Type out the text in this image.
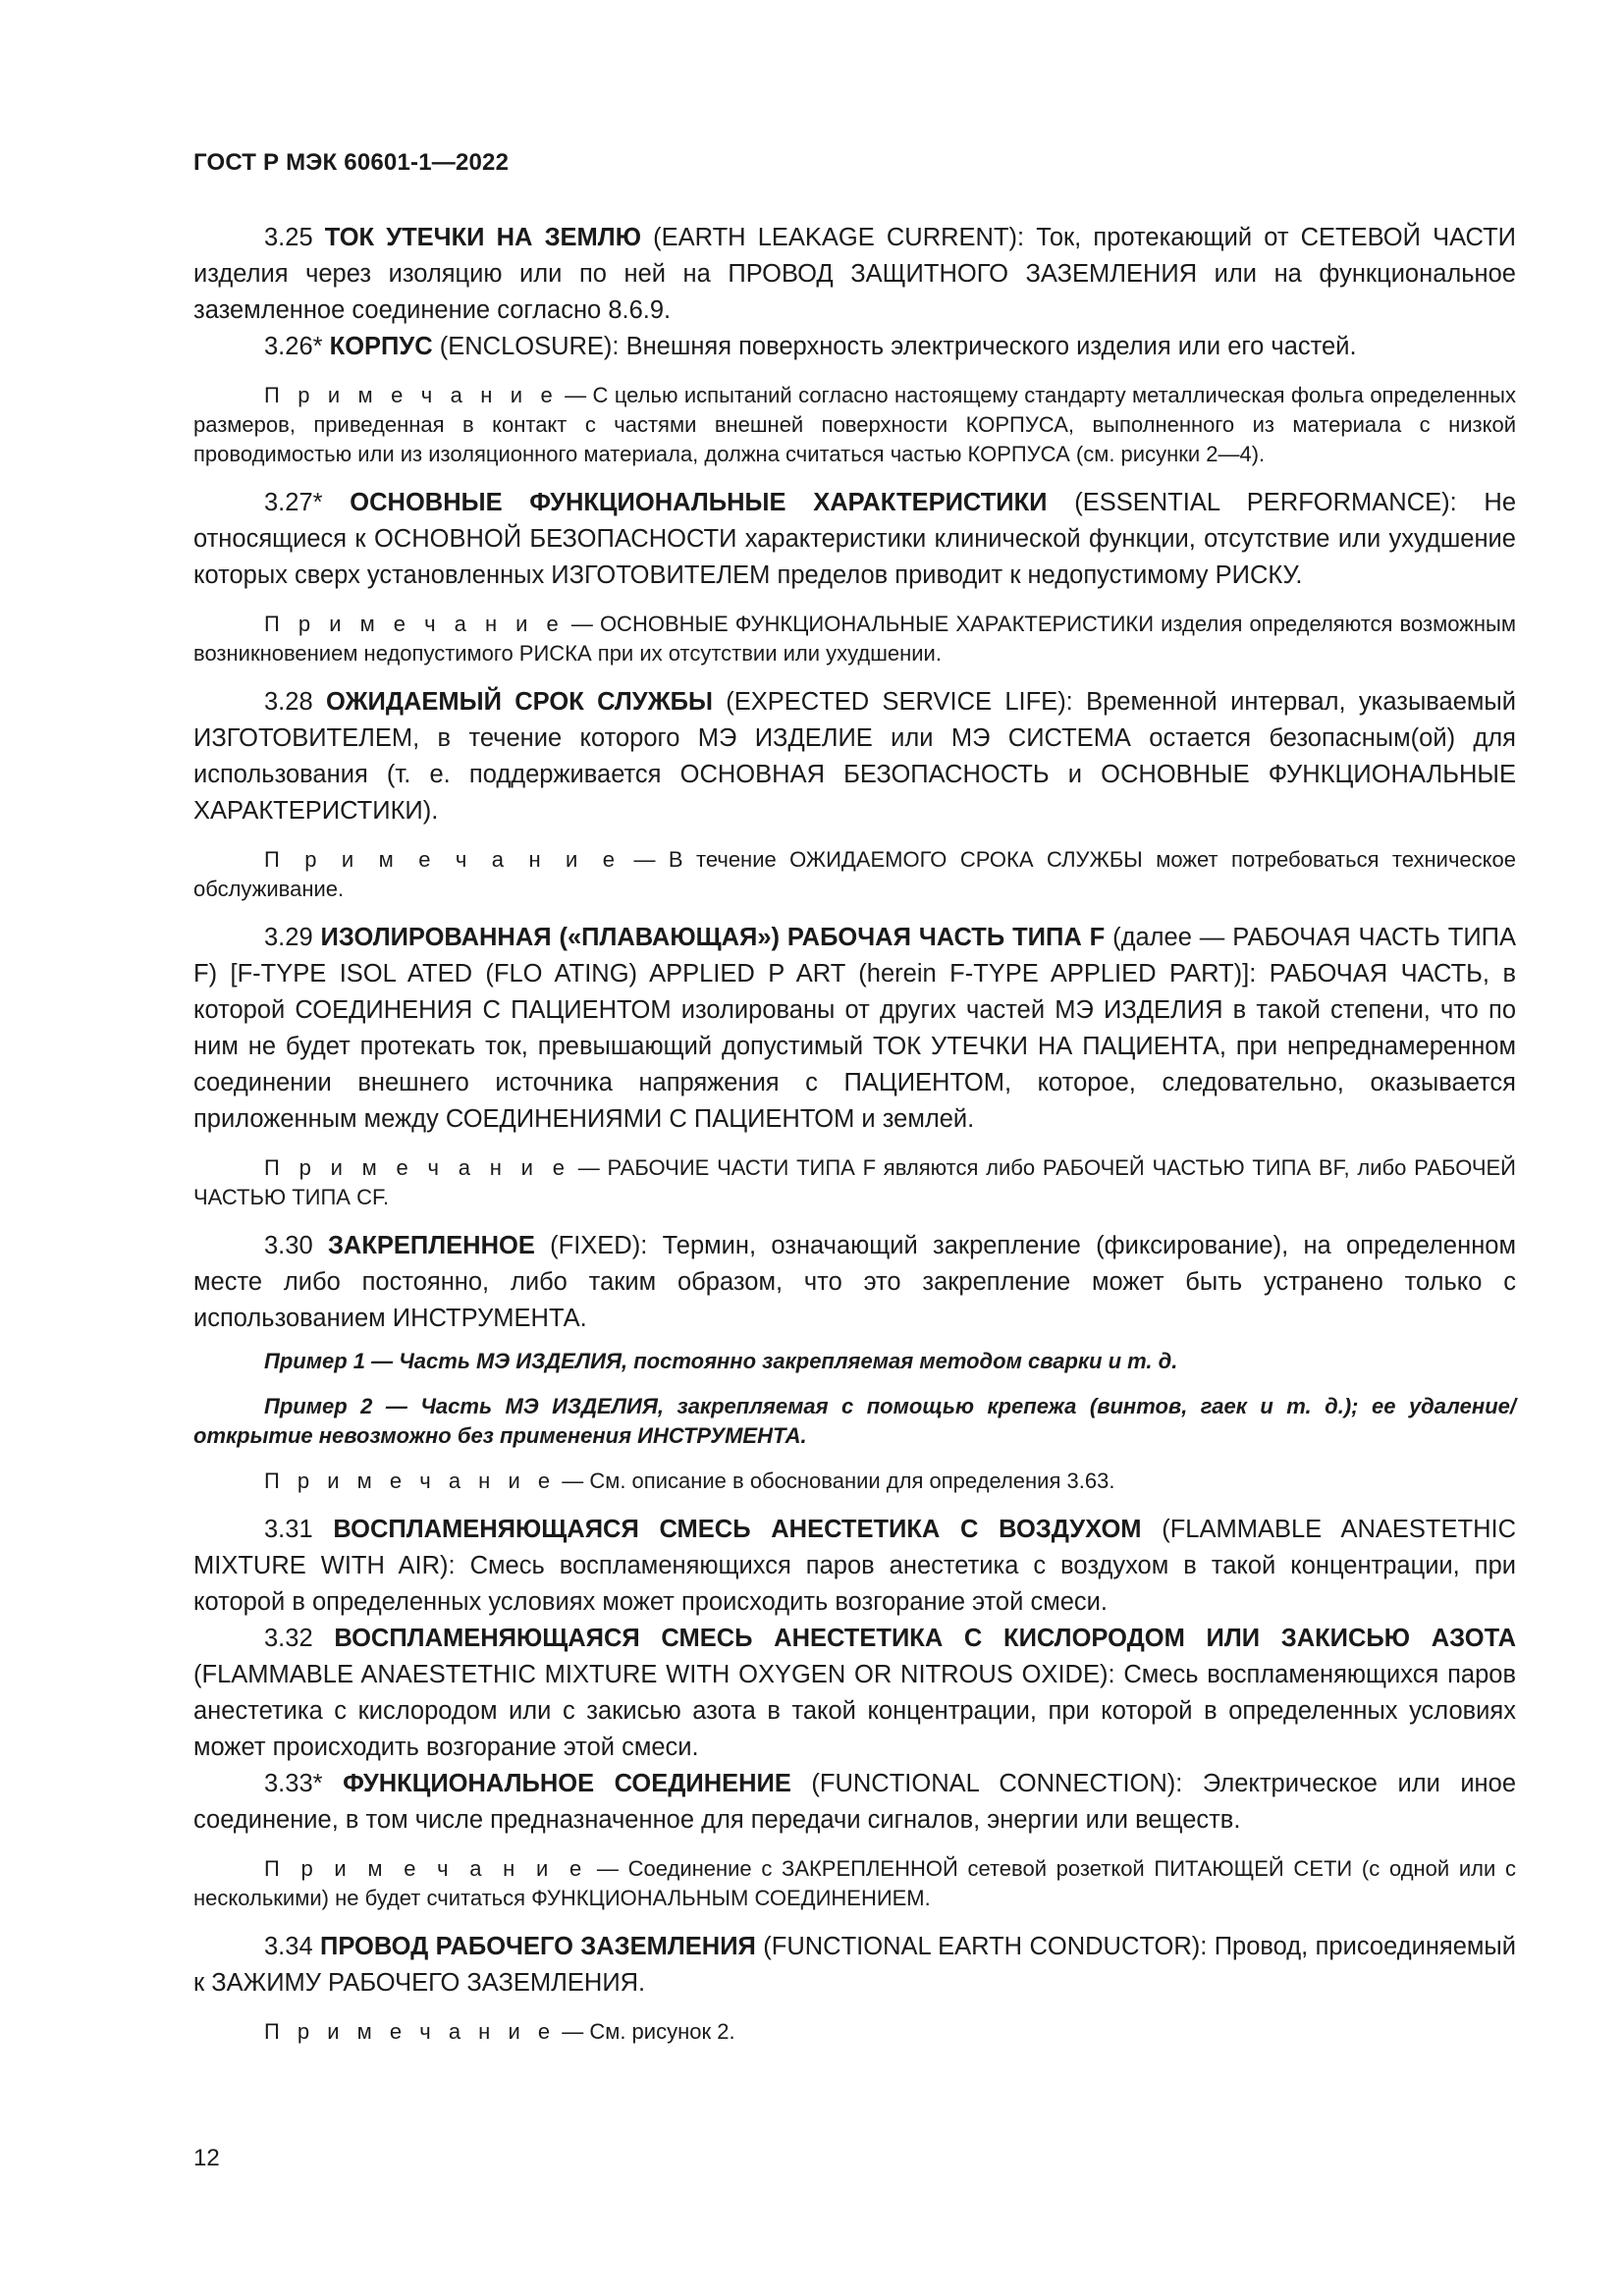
ГОСТ Р МЭК 60601-1—2022

3.25 ТОК УТЕЧКИ НА ЗЕМЛЮ (EARTH LEAKAGE CURRENT): Ток, протекающий от СЕТЕВОЙ ЧАСТИ изделия через изоляцию или по ней на ПРОВОД ЗАЩИТНОГО ЗАЗЕМЛЕНИЯ или на функциональное заземленное соединение согласно 8.6.9.

3.26* КОРПУС (ENCLOSURE): Внешняя поверхность электрического изделия или его частей.

П р и м е ч а н и е — С целью испытаний согласно настоящему стандарту металлическая фольга определенных размеров, приведенная в контакт с частями внешней поверхности КОРПУСА, выполненного из материала с низкой проводимостью или из изоляционного материала, должна считаться частью КОРПУСА (см. рисунки 2—4).

3.27* ОСНОВНЫЕ ФУНКЦИОНАЛЬНЫЕ ХАРАКТЕРИСТИКИ (ESSENTIAL PERFORMANCE): Не относящиеся к ОСНОВНОЙ БЕЗОПАСНОСТИ характеристики клинической функции, отсутствие или ухудшение которых сверх установленных ИЗГОТОВИТЕЛЕМ пределов приводит к недопустимому РИСКУ.

П р и м е ч а н и е — ОСНОВНЫЕ ФУНКЦИОНАЛЬНЫЕ ХАРАКТЕРИСТИКИ изделия определяются возможным возникновением недопустимого РИСКА при их отсутствии или ухудшении.

3.28 ОЖИДАЕМЫЙ СРОК СЛУЖБЫ (EXPECTED SERVICE LIFE): Временной интервал, указываемый ИЗГОТОВИТЕЛЕМ, в течение которого МЭ ИЗДЕЛИЕ или МЭ СИСТЕМА остается безопасным(ой) для использования (т. е. поддерживается ОСНОВНАЯ БЕЗОПАСНОСТЬ и ОСНОВНЫЕ ФУНКЦИОНАЛЬНЫЕ ХАРАКТЕРИСТИКИ).

П р и м е ч а н и е — В течение ОЖИДАЕМОГО СРОКА СЛУЖБЫ может потребоваться техническое обслуживание.

3.29 ИЗОЛИРОВАННАЯ («ПЛАВАЮЩАЯ») РАБОЧАЯ ЧАСТЬ ТИПА F (далее — РАБОЧАЯ ЧАСТЬ ТИПА F) [F-TYPE ISOL ATED (FLO ATING) APPLIED P ART (herein F-TYPE APPLIED PART)]: РАБОЧАЯ ЧАСТЬ, в которой СОЕДИНЕНИЯ С ПАЦИЕНТОМ изолированы от других частей МЭ ИЗДЕЛИЯ в такой степени, что по ним не будет протекать ток, превышающий допустимый ТОК УТЕЧКИ НА ПАЦИЕНТА, при непреднамеренном соединении внешнего источника напряжения с ПАЦИЕНТОМ, которое, следовательно, оказывается приложенным между СОЕДИНЕНИЯМИ С ПАЦИЕНТОМ и землей.

П р и м е ч а н и е — РАБОЧИЕ ЧАСТИ ТИПА F являются либо РАБОЧЕЙ ЧАСТЬЮ ТИПА BF, либо РАБОЧЕЙ ЧАСТЬЮ ТИПА CF.

3.30 ЗАКРЕПЛЕННОЕ (FIXED): Термин, означающий закрепление (фиксирование), на определенном месте либо постоянно, либо таким образом, что это закрепление может быть устранено только с использованием ИНСТРУМЕНТА.

Пример 1 — Часть МЭ ИЗДЕЛИЯ, постоянно закрепляемая методом сварки и т. д.

Пример 2 — Часть МЭ ИЗДЕЛИЯ, закрепляемая с помощью крепежа (винтов, гаек и т. д.); ее удаление/открытие невозможно без применения ИНСТРУМЕНТА.

П р и м е ч а н и е — См. описание в обосновании для определения 3.63.

3.31 ВОСПЛАМЕНЯЮЩАЯСЯ СМЕСЬ АНЕСТЕТИКА С ВОЗДУХОМ (FLAMMABLE ANAESTETHIC MIXTURE WITH AIR): Смесь воспламеняющихся паров анестетика с воздухом в такой концентрации, при которой в определенных условиях может происходить возгорание этой смеси.

3.32 ВОСПЛАМЕНЯЮЩАЯСЯ СМЕСЬ АНЕСТЕТИКА С КИСЛОРОДОМ ИЛИ ЗАКИСЬЮ АЗОТА (FLAMMABLE ANAESTETHIC MIXTURE WITH OXYGEN OR NITROUS OXIDE): Смесь воспламеняющихся паров анестетика с кислородом или с закисью азота в такой концентрации, при которой в определенных условиях может происходить возгорание этой смеси.

3.33* ФУНКЦИОНАЛЬНОЕ СОЕДИНЕНИЕ (FUNCTIONAL CONNECTION): Электрическое или иное соединение, в том числе предназначенное для передачи сигналов, энергии или веществ.

П р и м е ч а н и е — Соединение с ЗАКРЕПЛЕННОЙ сетевой розеткой ПИТАЮЩЕЙ СЕТИ (с одной или с несколькими) не будет считаться ФУНКЦИОНАЛЬНЫМ СОЕДИНЕНИЕМ.

3.34 ПРОВОД РАБОЧЕГО ЗАЗЕМЛЕНИЯ (FUNCTIONAL EARTH CONDUCTOR): Провод, присоединяемый к ЗАЖИМУ РАБОЧЕГО ЗАЗЕМЛЕНИЯ.

П р и м е ч а н и е — См. рисунок 2.

12
